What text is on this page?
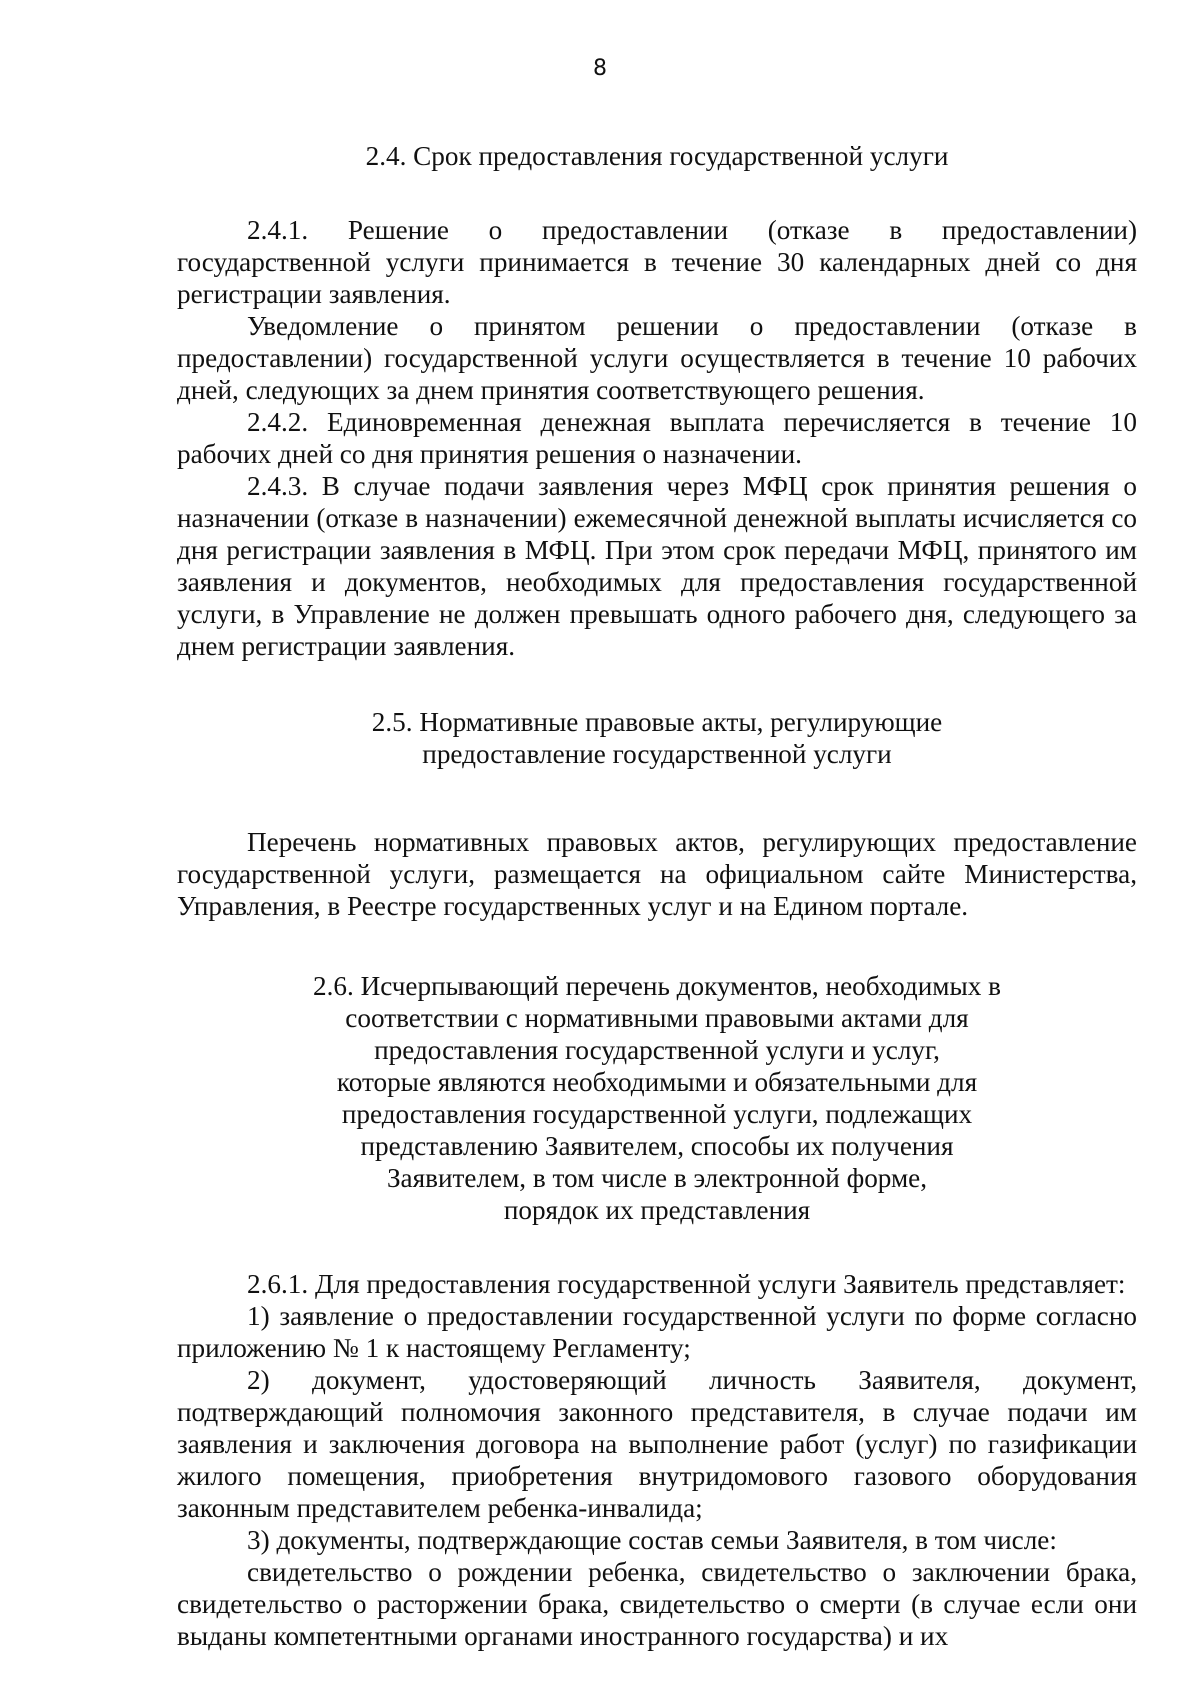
8

2.4. Срок предоставления государственной услуги

2.4.1. Решение о предоставлении (отказе в предоставлении) государственной услуги принимается в течение 30 календарных дней со дня регистрации заявления.

Уведомление о принятом решении о предоставлении (отказе в предоставлении) государственной услуги осуществляется в течение 10 рабочих дней, следующих за днем принятия соответствующего решения.

2.4.2. Единовременная денежная выплата перечисляется в течение 10 рабочих дней со дня принятия решения о назначении.

2.4.3. В случае подачи заявления через МФЦ срок принятия решения о назначении (отказе в назначении) ежемесячной денежной выплаты исчисляется со дня регистрации заявления в МФЦ. При этом срок передачи МФЦ, принятого им заявления и документов, необходимых для предоставления государственной услуги, в Управление не должен превышать одного рабочего дня, следующего за днем регистрации заявления.

2.5. Нормативные правовые акты, регулирующие
предоставление государственной услуги

Перечень нормативных правовых актов, регулирующих предоставление государственной услуги, размещается на официальном сайте Министерства, Управления, в Реестре государственных услуг и на Едином портале.

2.6. Исчерпывающий перечень документов, необходимых в
соответствии с нормативными правовыми актами для
предоставления государственной услуги и услуг,
которые являются необходимыми и обязательными для
предоставления государственной услуги, подлежащих
представлению Заявителем, способы их получения
Заявителем, в том числе в электронной форме,
порядок их представления

2.6.1. Для предоставления государственной услуги Заявитель представляет:

1) заявление о предоставлении государственной услуги по форме согласно приложению № 1 к настоящему Регламенту;

2) документ, удостоверяющий личность Заявителя, документ, подтверждающий полномочия законного представителя, в случае подачи им заявления и заключения договора на выполнение работ (услуг) по газификации жилого помещения, приобретения внутридомового газового оборудования законным представителем ребенка-инвалида;

3) документы, подтверждающие состав семьи Заявителя, в том числе:

свидетельство о рождении ребенка, свидетельство о заключении брака, свидетельство о расторжении брака, свидетельство о смерти (в случае если они выданы компетентными органами иностранного государства) и их
